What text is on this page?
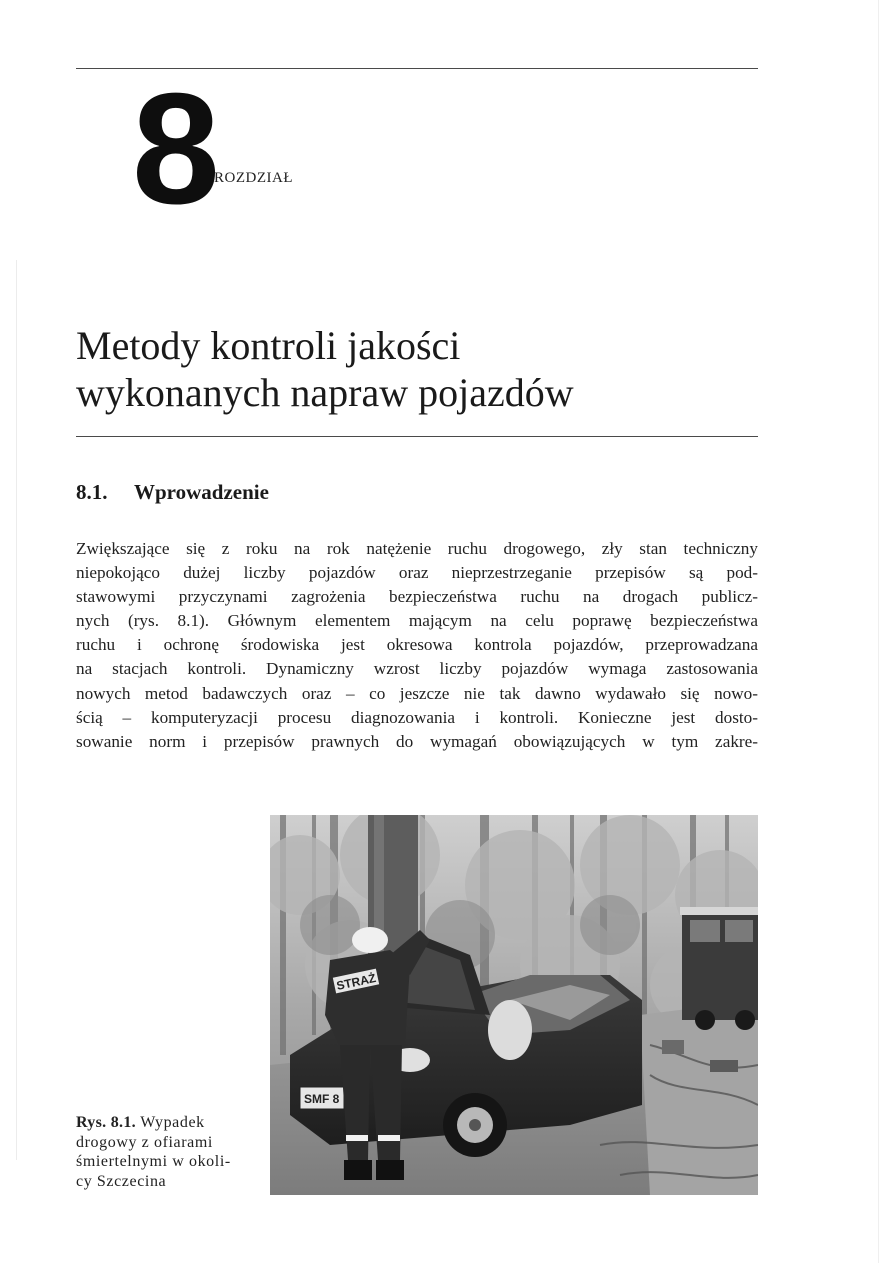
8
ROZDZIAŁ
Metody kontroli jakości
wykonanych napraw pojazdów
8.1. Wprowadzenie
Zwiększające się z roku na rok natężenie ruchu drogowego, zły stan techniczny
niepokojąco dużej liczby pojazdów oraz nieprzestrzeganie przepisów są pod-
stawowymi przyczynami zagrożenia bezpieczeństwa ruchu na drogach publicz-
nych (rys. 8.1). Głównym elementem mającym na celu poprawę bezpieczeństwa
ruchu i ochronę środowiska jest okresowa kontrola pojazdów, przeprowadzana
na stacjach kontroli. Dynamiczny wzrost liczby pojazdów wymaga zastosowania
nowych metod badawczych oraz – co jeszcze nie tak dawno wydawało się nowo-
ścią – komputeryzacji procesu diagnozowania i kontroli. Konieczne jest dosto-
sowanie norm i przepisów prawnych do wymagań obowiązujących w tym zakre-
SMF 8
STRAŻ
Rys. 8.1. Wypadek
drogowy z ofiarami
śmiertelnymi w okoli-
cy Szczecina
